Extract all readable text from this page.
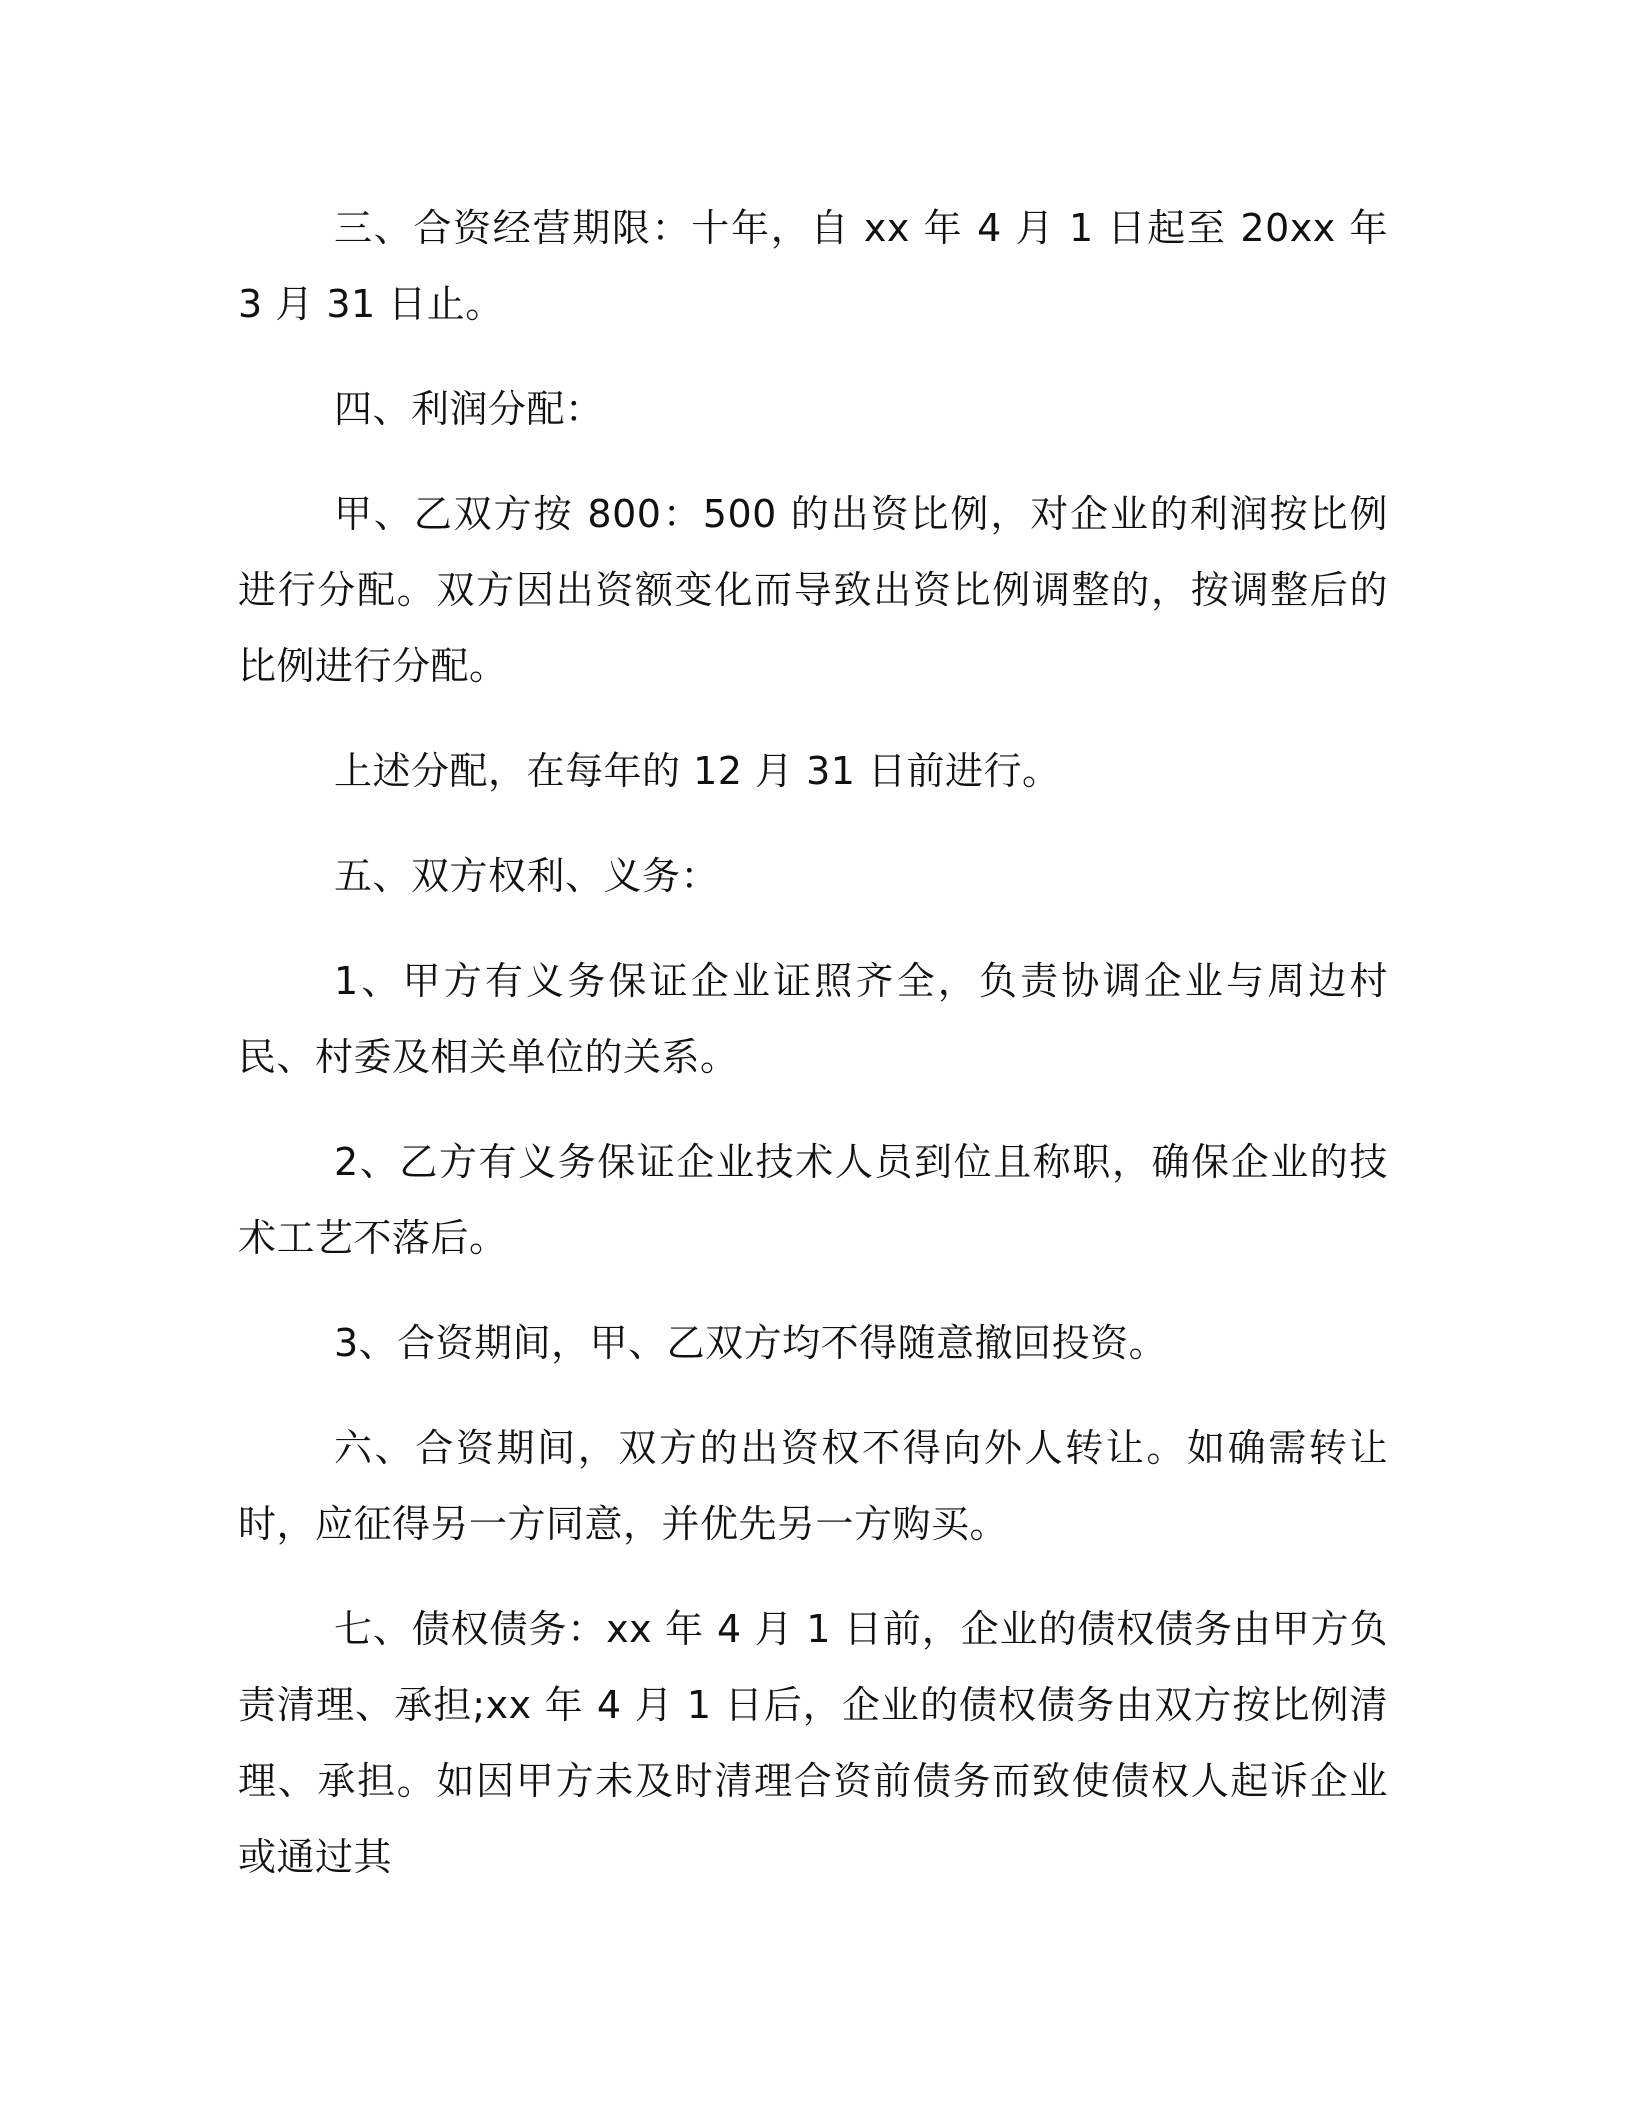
三、合资经营期限：十年，自 xx 年 4 月 1 日起至 20xx 年 3 月 31 日止。

四、利润分配：

甲、乙双方按 800：500 的出资比例，对企业的利润按比例进行分配。双方因出资额变化而导致出资比例调整的，按调整后的比例进行分配。

上述分配，在每年的 12 月 31 日前进行。

五、双方权利、义务：

1、甲方有义务保证企业证照齐全，负责协调企业与周边村民、村委及相关单位的关系。

2、乙方有义务保证企业技术人员到位且称职，确保企业的技术工艺不落后。

3、合资期间，甲、乙双方均不得随意撤回投资。

六、合资期间，双方的出资权不得向外人转让。如确需转让时，应征得另一方同意，并优先另一方购买。

七、债权债务：xx 年 4 月 1 日前，企业的债权债务由甲方负责清理、承担;xx 年 4 月 1 日后，企业的债权债务由双方按比例清理、承担。如因甲方未及时清理合资前债务而致使债权人起诉企业或通过其
